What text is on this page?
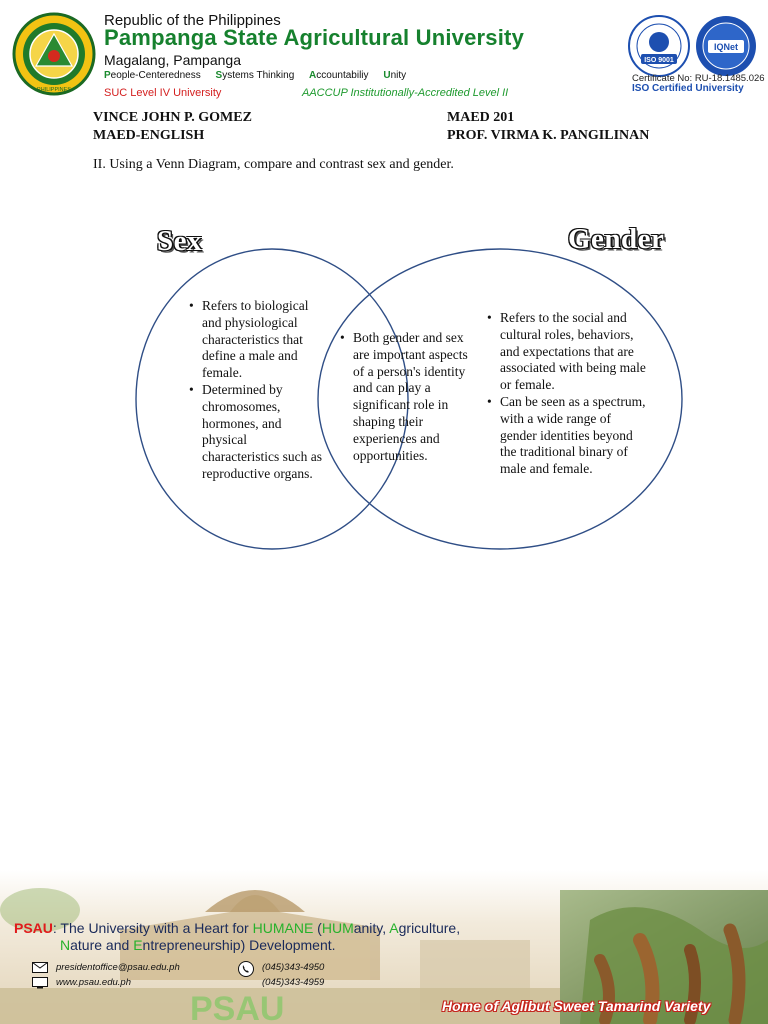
PHILIPPINES
Republic of the Philippines
Pampanga State Agricultural University
Magalang, Pampanga
People-Centeredness Systems Thinking Accountabiliy Unity
SUC Level IV University	AACCUP Institutionally-Accredited Level II
ISO 9001
IQNet
Certificate No: RU-18.1485.026
ISO Certified University
VINCE JOHN P. GOMEZ
MAED-ENGLISH
MAED 201
PROF. VIRMA K. PANGILINAN
II. Using a Venn Diagram, compare and contrast sex and gender.
Sex	Gender
• Refers to biological and physiological characteristics that define a male and female.
• Determined by chromosomes, hormones, and physical characteristics such as reproductive organs.
• Both gender and sex are important aspects of a person's identity and can play a significant role in shaping their experiences and opportunities.
• Refers to the social and cultural roles, behaviors, and expectations that are associated with being male or female.
• Can be seen as a spectrum, with a wide range of gender identities beyond the traditional binary of male and female.
PSAU
PSAU: The University with a Heart for HUMANE (HUManity, Agriculture,
Nature and Entrepreneurship) Development.
presidentoffice@psau.edu.ph
www.psau.edu.ph
(045)343-4950
(045)343-4959
Home of Aglibut Sweet Tamarind Variety
